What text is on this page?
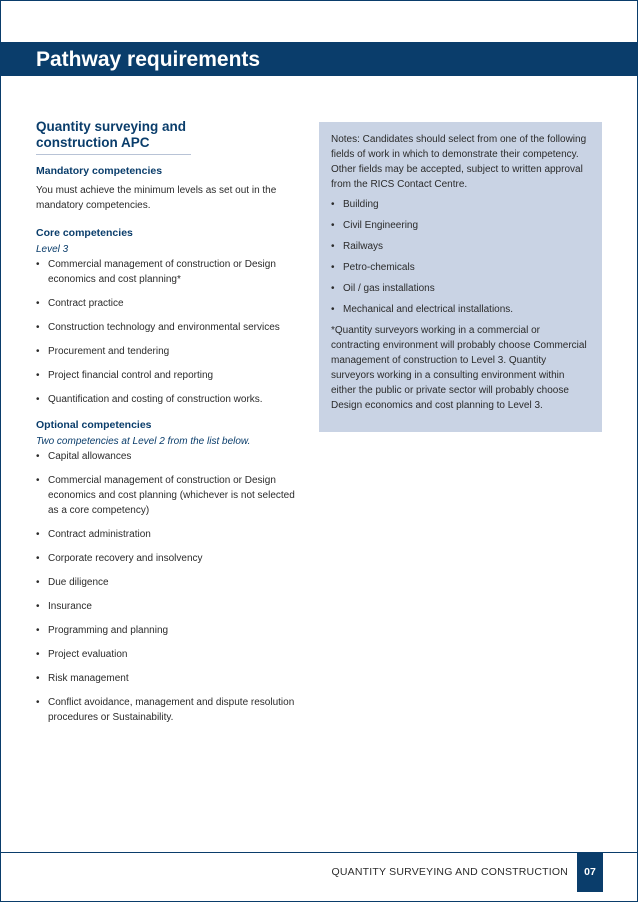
Pathway requirements
Quantity surveying and
construction APC
Mandatory competencies
You must achieve the minimum levels as set out in the mandatory competencies.
Core competencies
Level 3
• Commercial management of construction or Design economics and cost planning*
• Contract practice
• Construction technology and environmental services
• Procurement and tendering
• Project financial control and reporting
• Quantification and costing of construction works.
Optional competencies
Two competencies at Level 2 from the list below.
• Capital allowances
• Commercial management of construction or Design economics and cost planning (whichever is not selected as a core competency)
• Contract administration
• Corporate recovery and insolvency
• Due diligence
• Insurance
• Programming and planning
• Project evaluation
• Risk management
• Conflict avoidance, management and dispute resolution procedures or Sustainability.
Notes: Candidates should select from one of the following fields of work in which to demonstrate their competency. Other fields may be accepted, subject to written approval from the RICS Contact Centre.
• Building
• Civil Engineering
• Railways
• Petro-chemicals
• Oil / gas installations
• Mechanical and electrical installations.
*Quantity surveyors working in a commercial or contracting environment will probably choose Commercial management of construction to Level 3. Quantity surveyors working in a consulting environment within either the public or private sector will probably choose Design economics and cost planning to Level 3.
QUANTITY SURVEYING AND CONSTRUCTION	07
